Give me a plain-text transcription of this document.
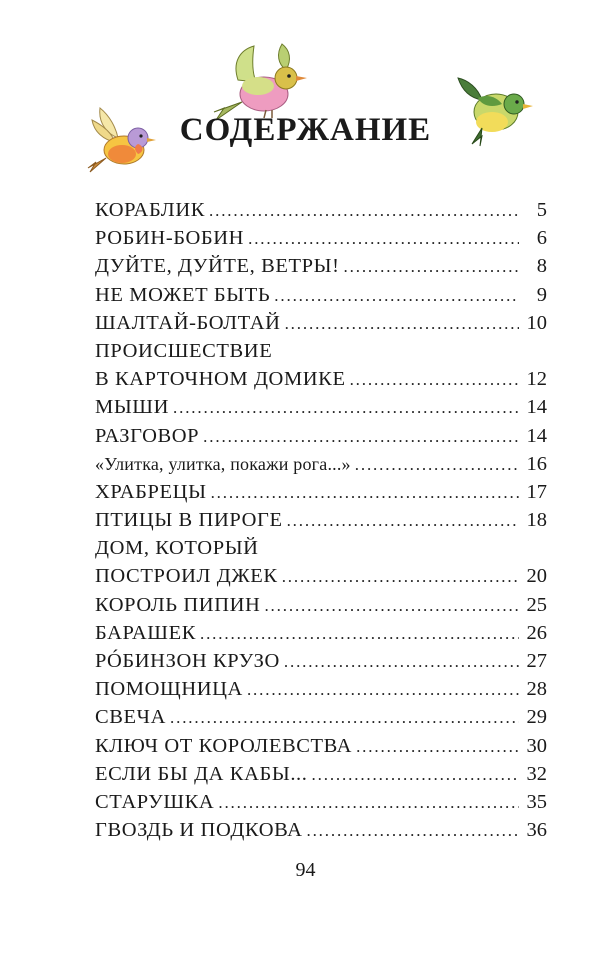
СОДЕРЖАНИЕ
КОРАБЛИК . . .	5
РОБИН-БОБИН . . .	6
ДУЙТЕ, ДУЙТЕ, ВЕТРЫ! . . .	8
НЕ МОЖЕТ БЫТЬ . . .	9
ШАЛТАЙ-БОЛТАЙ . . .	10
ПРОИСШЕСТВИЕ
В КАРТОЧНОМ ДОМИКЕ . . .	12
МЫШИ . . .	14
РАЗГОВОР . . .	14
«Улитка, улитка, покажи рога...» . . .	16
ХРАБРЕЦЫ . . .	17
ПТИЦЫ В ПИРОГЕ . . .	18
ДОМ, КОТОРЫЙ
ПОСТРОИЛ ДЖЕК . . .	20
КОРОЛЬ ПИПИН . . .	25
БАРАШЕК . . .	26
РÓБИНЗОН КРУЗО . . .	27
ПОМОЩНИЦА . . .	28
СВЕЧА . . .	29
КЛЮЧ ОТ КОРОЛЕВСТВА . . .	30
ЕСЛИ БЫ ДА КАБЫ... . . .	32
СТАРУШКА . . .	35
ГВОЗДЬ И ПОДКОВА . . .	36
94
